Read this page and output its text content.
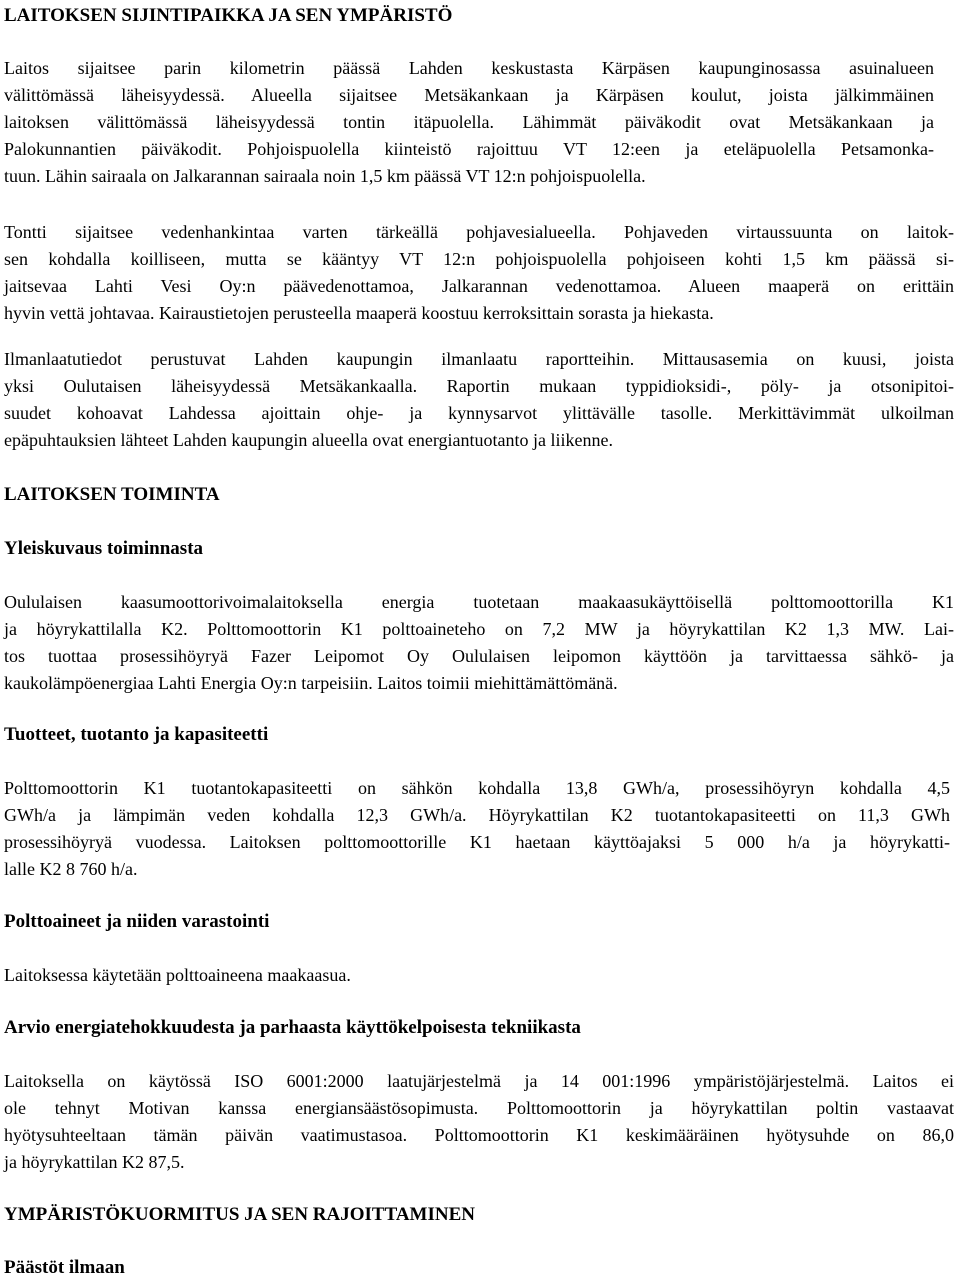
LAITOKSEN SIJINTIPAIKKA JA SEN YMPÄRISTÖ
Laitos sijaitsee parin kilometrin päässä Lahden keskustasta Kärpäsen kaupunginosassa asuinalueen
välittömässä läheisyydessä. Alueella sijaitsee Metsäkankaan ja Kärpäsen koulut, joista jälkimmäinen
laitoksen välittömässä läheisyydessä tontin itäpuolella. Lähimmät päiväkodit ovat Metsäkankaan ja
Palokunnantien päiväkodit. Pohjoispuolella kiinteistö rajoittuu VT 12:een ja eteläpuolella Petsamonka-
tuun. Lähin sairaala on Jalkarannan sairaala noin 1,5 km päässä VT 12:n pohjoispuolella.
Tontti sijaitsee vedenhankintaa varten tärkeällä pohjavesialueella. Pohjaveden virtaussuunta on laitok-
sen kohdalla koilliseen, mutta se kääntyy VT 12:n pohjoispuolella pohjoiseen kohti 1,5 km päässä si-
jaitsevaa Lahti Vesi Oy:n päävedenottamoa, Jalkarannan vedenottamoa. Alueen maaperä on erittäin
hyvin vettä johtavaa. Kairaustietojen perusteella maaperä koostuu kerroksittain sorasta ja hiekasta.
Ilmanlaatutiedot perustuvat Lahden kaupungin ilmanlaatu raportteihin. Mittausasemia on kuusi, joista
yksi Oulutaisen läheisyydessä Metsäkankaalla. Raportin mukaan typpidioksidi-, pöly- ja otsonipitoi-
suudet kohoavat Lahdessa ajoittain ohje- ja kynnysarvot ylittävälle tasolle. Merkittävimmät ulkoilman
epäpuhtauksien lähteet Lahden kaupungin alueella ovat energiantuotanto ja liikenne.
LAITOKSEN TOIMINTA
Yleiskuvaus toiminnasta
Oululaisen kaasumoottorivoimalaitoksella energia tuotetaan maakaasukäyttöisellä polttomoottorilla K1
ja höyrykattilalla K2. Polttomoottorin K1 polttoaineteho on 7,2 MW ja höyrykattilan K2 1,3 MW. Lai-
tos tuottaa prosessihöyryä Fazer Leipomot Oy Oululaisen leipomon käyttöön ja tarvittaessa sähkö- ja
kaukolämpöenergiaa Lahti Energia Oy:n tarpeisiin. Laitos toimii miehittämättömänä.
Tuotteet, tuotanto ja kapasiteetti
Polttomoottorin K1 tuotantokapasiteetti on sähkön kohdalla 13,8 GWh/a, prosessihöyryn kohdalla 4,5
GWh/a ja lämpimän veden kohdalla 12,3 GWh/a. Höyrykattilan K2 tuotantokapasiteetti on 11,3 GWh
prosessihöyryä vuodessa. Laitoksen polttomoottorille K1 haetaan käyttöajaksi 5 000 h/a ja höyrykatti-
lalle K2 8 760 h/a.
Polttoaineet ja niiden varastointi
Laitoksessa käytetään polttoaineena maakaasua.
Arvio energiatehokkuudesta ja parhaasta käyttökelpoisesta tekniikasta
Laitoksella on käytössä ISO 6001:2000 laatujärjestelmä ja 14 001:1996 ympäristöjärjestelmä. Laitos ei
ole tehnyt Motivan kanssa energiansäästösopimusta. Polttomoottorin ja höyrykattilan poltin vastaavat
hyötysuhteeltaan tämän päivän vaatimustasoa. Polttomoottorin K1 keskimääräinen hyötysuhde on 86,0
ja höyrykattilan K2 87,5.
YMPÄRISTÖKUORMITUS JA SEN RAJOITTAMINEN
Päästöt ilmaan
